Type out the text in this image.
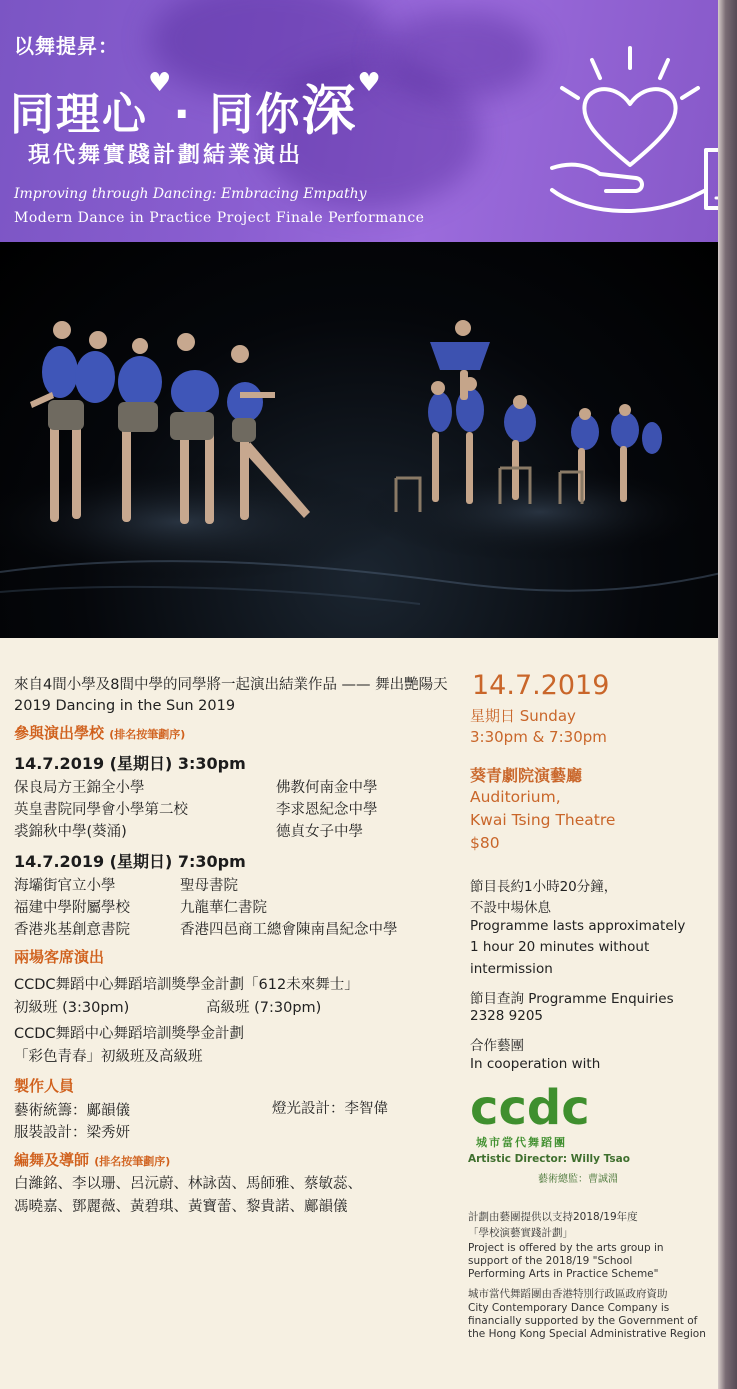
以舞提昇：
同理心♥· 同你深♥
現代舞實踐計劃結業演出
Improving through Dancing: Embracing Empathy
Modern Dance in Practice Project Finale Performance
來自4間小學及8間中學的同學將一起演出結業作品 —— 舞出艷陽天2019 Dancing in the Sun 2019
參與演出學校 (排名按筆劃序)
14.7.2019 (星期日) 3:30pm
保良局方王錦全小學
英皇書院同學會小學第二校
裘錦秋中學(葵涌)
佛教何南金中學
李求恩紀念中學
德貞女子中學
14.7.2019 (星期日) 7:30pm
海壩街官立小學
福建中學附屬學校
香港兆基創意書院
聖母書院
九龍華仁書院
香港四邑商工總會陳南昌紀念中學
兩場客席演出
CCDC舞蹈中心舞蹈培訓獎學金計劃「612未來舞士」
初級班 (3:30pm)	高級班 (7:30pm)
CCDC舞蹈中心舞蹈培訓獎學金計劃
「彩色青春」初級班及高級班
製作人員
藝術統籌：鄺韻儀	燈光設計：李智偉
服裝設計：梁秀妍
編舞及導師 (排名按筆劃序)
白濰銘、李以珊、呂沅蔚、林詠茵、馬師雅、蔡敏蕊、
馮曉嘉、鄧麗薇、黃碧琪、黃寶蕾、黎貴諾、鄺韻儀
14.7.2019
星期日 Sunday
3:30pm & 7:30pm
葵青劇院演藝廳
Auditorium,
Kwai Tsing Theatre
$80
節目長約1小時20分鐘，
不設中場休息
Programme lasts approximately
1 hour 20 minutes without
intermission
節目查詢 Programme Enquiries
2328 9205
合作藝團
In cooperation with
ccdc
城市當代舞蹈團
Artistic Director: Willy Tsao
藝術總監：曹誠淵
計劃由藝團提供以支持2018/19年度
「學校演藝實踐計劃」
Project is offered by the arts group in
support of the 2018/19 "School
Performing Arts in Practice Scheme"
城市當代舞蹈團由香港特別行政區政府資助
City Contemporary Dance Company is
financially supported by the Government of
the Hong Kong Special Administrative Region
